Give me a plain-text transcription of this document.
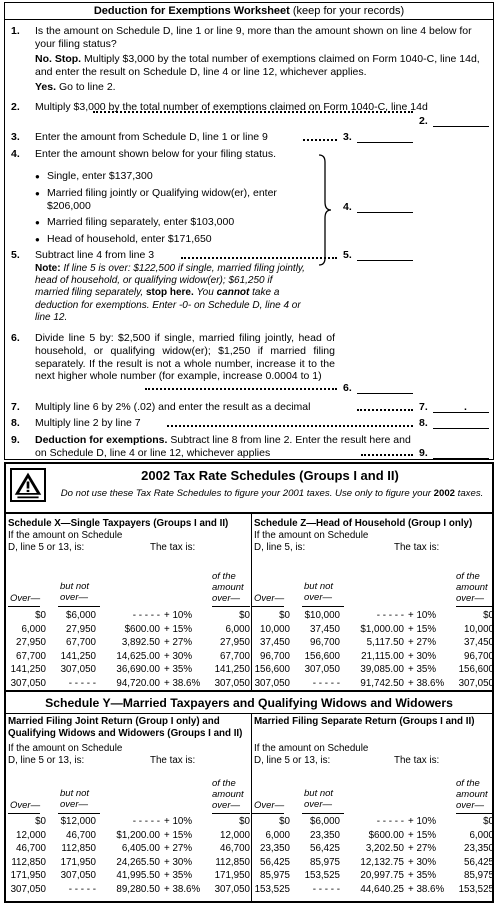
Deduction for Exemptions Worksheet (keep for your records)
1.	Is the amount on Schedule D, line 1 or line 9, more than the amount shown on line 4 below for your filing status?
No. Stop. Multiply $3,000 by the total number of exemptions claimed on Form 1040-C, line 14d, and enter the result on Schedule D, line 4 or line 12, whichever applies.
Yes. Go to line 2.
2.	Multiply $3,000 by the total number of exemptions claimed on Form 1040-C, line 14d
2.
3.	Enter the amount from Schedule D, line 1 or line 9	3.
4.	Enter the amount shown below for your filing status.
● Single, enter $137,300
● Married filing jointly or Qualifying widow(er), enter $206,000
● Married filing separately, enter $103,000
● Head of household, enter $171,650
4.
5.	Subtract line 4 from line 3	5.
Note: If line 5 is over: $122,500 if single, married filing jointly, head of household, or qualifying widow(er); $61,250 if married filing separately, stop here. You cannot take a deduction for exemptions. Enter -0- on Schedule D, line 4 or line 12.
6.	Divide line 5 by: $2,500 if single, married filing jointly, head of household, or qualifying widow(er); $1,250 if married filing separately. If the result is not a whole number, increase it to the next higher whole number (for example, increase 0.0004 to 1)
6.
7.	Multiply line 6 by 2% (.02) and enter the result as a decimal	7.	.
8.	Multiply line 2 by line 7	8.
9.	Deduction for exemptions. Subtract line 8 from line 2. Enter the result here and on Schedule D, line 4 or line 12, whichever applies	9.
2002 Tax Rate Schedules (Groups I and II)
Do not use these Tax Rate Schedules to figure your 2001 taxes. Use only to figure your 2002 taxes.
Schedule X—Single Taxpayers (Groups I and II)
If the amount on Schedule
D, line 5 or 13, is:	The tax is:
Schedule Z—Head of Household (Group I only)
If the amount on Schedule
D, line 5, is:	The tax is:
Over—
but not over—
of the amount over—
$0	$6,000	- - - - - + 10%	$0
6,000	27,950	$600.00 + 15%	6,000
27,950	67,700	3,892.50 + 27%	27,950
67,700	141,250	14,625.00 + 30%	67,700
141,250	307,050	36,690.00 + 35%	141,250
307,050	- - - - -	94,720.00 + 38.6%	307,050
Over—
but not over—
of the amount over—
$0	$10,000	- - - - - + 10%	$0
10,000	37,450	$1,000.00 + 15%	10,000
37,450	96,700	5,117.50 + 27%	37,450
96,700	156,600	21,115.00 + 30%	96,700
156,600	307,050	39,085.00 + 35%	156,600
307,050	- - - - -	91,742.50 + 38.6%	307,050
Schedule Y—Married Taxpayers and Qualifying Widows and Widowers
Married Filing Joint Return (Group I only) and
Qualifying Widows and Widowers (Groups I and II)
If the amount on Schedule
D, line 5 or 13, is:	The tax is:
Married Filing Separate Return (Groups I and II)
If the amount on Schedule
D, line 5 or 13, is:	The tax is:
Over—
but not over—
of the amount over—
$0	$12,000	- - - - - + 10%	$0
12,000	46,700	$1,200.00 + 15%	12,000
46,700	112,850	6,405.00 + 27%	46,700
112,850	171,950	24,265.50 + 30%	112,850
171,950	307,050	41,995.50 + 35%	171,950
307,050	- - - - -	89,280.50 + 38.6%	307,050
Over—
but not over—
of the amount over—
$0	$6,000	- - - - - + 10%	$0
6,000	23,350	$600.00 + 15%	6,000
23,350	56,425	3,202.50 + 27%	23,350
56,425	85,975	12,132.75 + 30%	56,425
85,975	153,525	20,997.75 + 35%	85,975
153,525	- - - - -	44,640.25 + 38.6%	153,525
